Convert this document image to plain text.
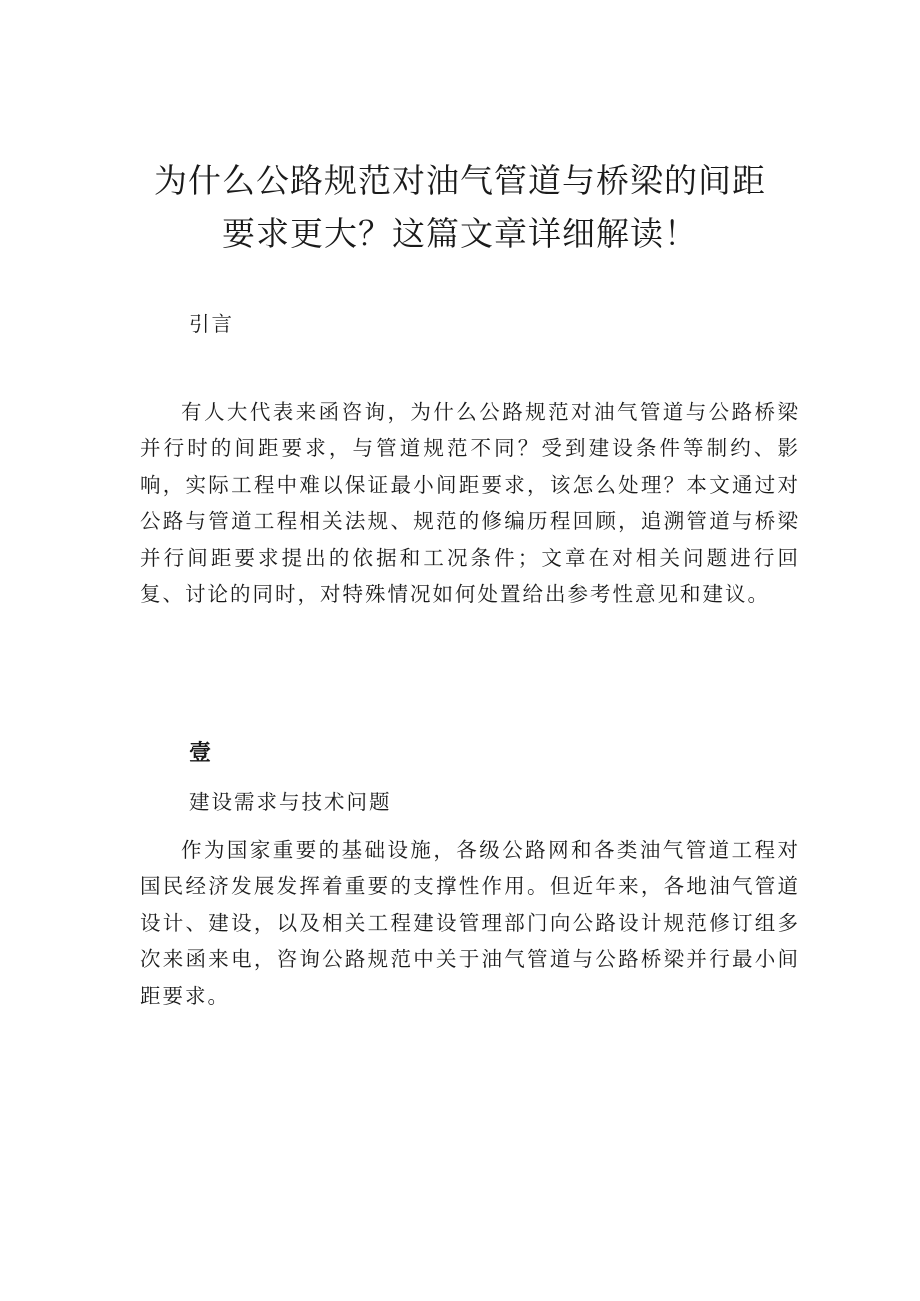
为什么公路规范对油气管道与桥梁的间距
要求更大？这篇文章详细解读！
引言

有人大代表来函咨询，为什么公路规范对油气管道与公路桥梁并行时的间距要求，与管道规范不同？受到建设条件等制约、影响，实际工程中难以保证最小间距要求，该怎么处理？本文通过对公路与管道工程相关法规、规范的修编历程回顾，追溯管道与桥梁并行间距要求提出的依据和工况条件；文章在对相关问题进行回复、讨论的同时，对特殊情况如何处置给出参考性意见和建议。

壹
建设需求与技术问题

作为国家重要的基础设施，各级公路网和各类油气管道工程对国民经济发展发挥着重要的支撑性作用。但近年来，各地油气管道设计、建设，以及相关工程建设管理部门向公路设计规范修订组多次来函来电，咨询公路规范中关于油气管道与公路桥梁并行最小间距要求。
